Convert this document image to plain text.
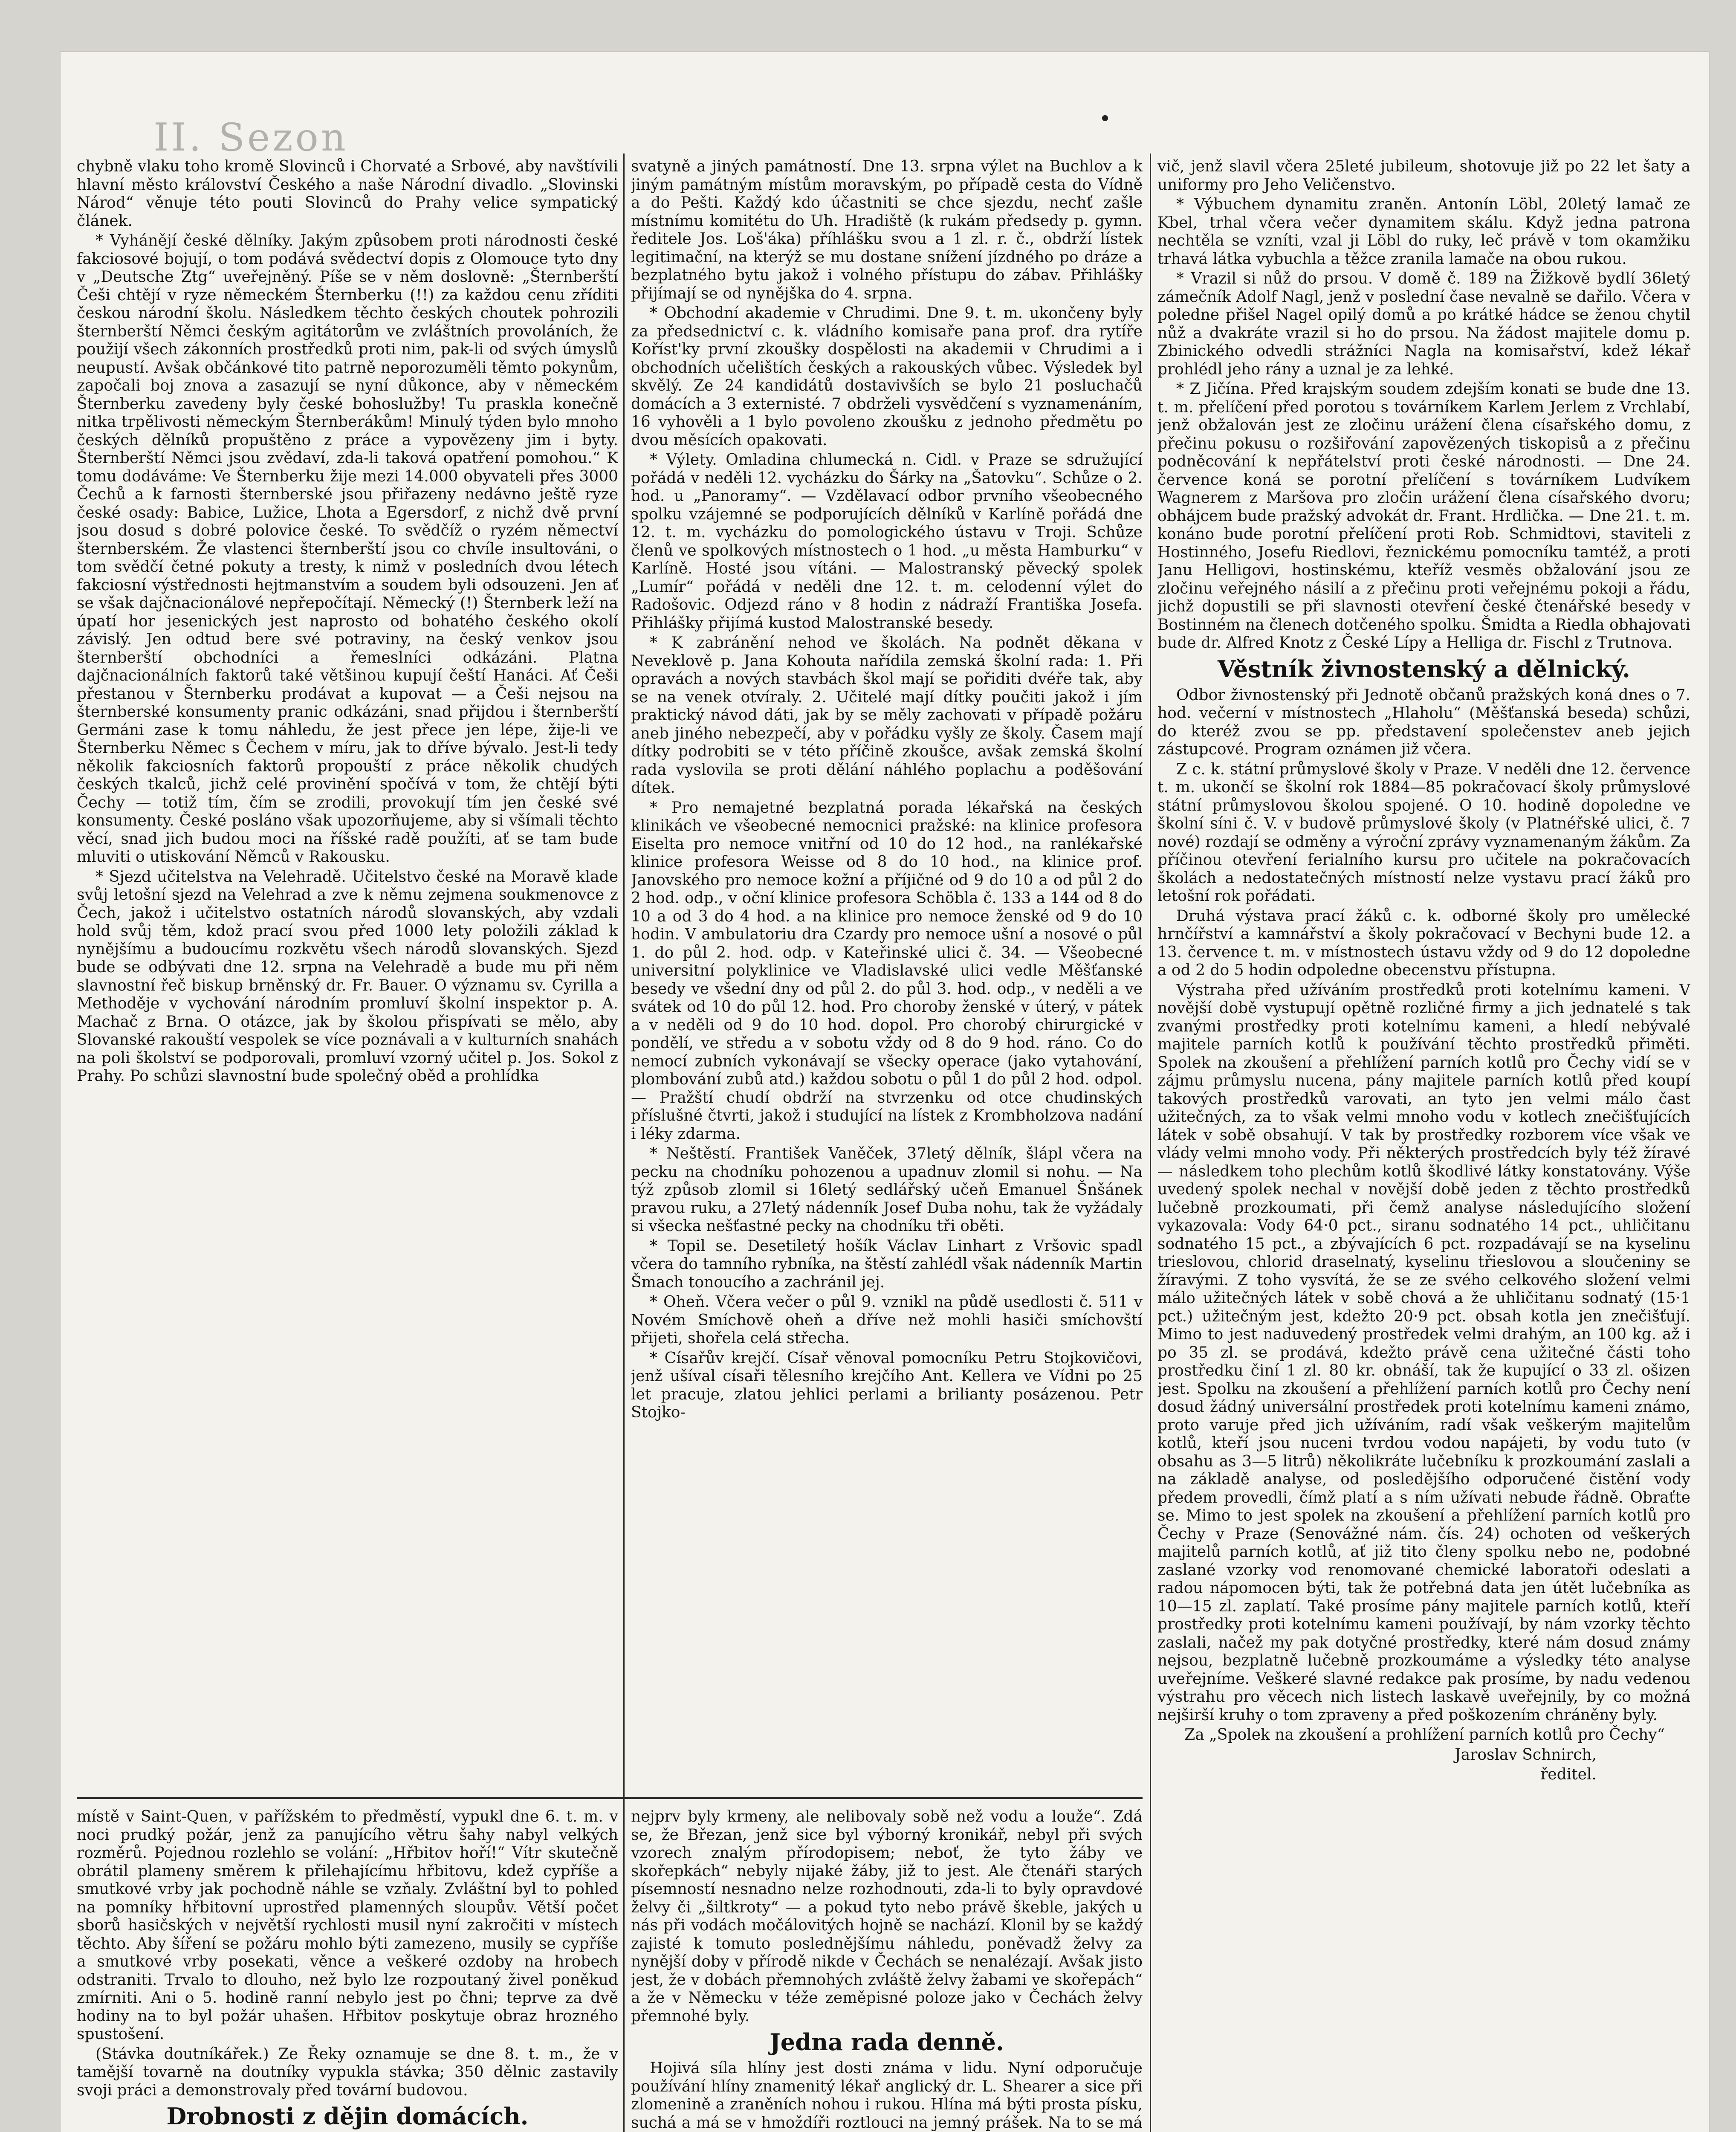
II. Sezon

chybně vlaku toho kromě Slovinců i Chorvaté a Srbové, aby navštívili hlavní město království Českého a naše Národní divadlo. „Slovinski Národ“ věnuje této pouti Slovinců do Prahy velice sympatický článek.

* Vyhánějí české dělníky. Jakým způsobem proti národnosti české fakciosové bojují, o tom podává svědectví dopis z Olomouce tyto dny v „Deutsche Ztg“ uveřejněný. Píše se v něm doslovně: „Šternberští Češi chtějí v ryze německém Šternberku (!!) za každou cenu zříditi českou národní školu. Následkem těchto českých choutek pohrozili šternberští Němci českým agitátorům ve zvláštních provoláních, že použijí všech zákonních prostředků proti nim, pak-li od svých úmyslů neupustí. Avšak občánkové tito patrně neporozuměli těmto pokynům, započali boj znova a zasazují se nyní důkonce, aby v německém Šternberku zavedeny byly české bohoslužby! Tu praskla konečně nitka trpělivosti německým Šternberákům! Minulý týden bylo mnoho českých dělníků propuštěno z práce a vypovězeny jim i byty. Šternberští Němci jsou zvědaví, zda-li taková opatření pomohou.“ K tomu dodáváme: Ve Šternberku žije mezi 14.000 obyvateli přes 3000 Čechů a k farnosti šternberské jsou přiřazeny nedávno ještě ryze české osady: Babice, Lužice, Lhota a Egersdorf, z nichž dvě první jsou dosud s dobré polovice české. To svědčíž o ryzém němectví šternberském. Že vlastenci šternberští jsou co chvíle insultováni, o tom svědčí četné pokuty a tresty, k nimž v posledních dvou létech fakciosní výstřednosti hejtmanstvím a soudem byli odsouzeni. Jen ať se však dajčnacionálové nepřepočítají. Německý (!) Šternberk leží na úpatí hor jesenických jest naprosto od bohatého českého okolí závislý. Jen odtud bere své potraviny, na český venkov jsou šternberští obchodníci a řemeslníci odkázáni. Platna dajčnacionálních faktorů také většinou kupují čeští Hanáci. Ať Češi přestanou v Šternberku prodávat a kupovat — a Češi nejsou na šternberské konsumenty pranic odkázáni, snad přijdou i šternberští Germáni zase k tomu náhledu, že jest přece jen lépe, žije-li ve Šternberku Němec s Čechem v míru, jak to dříve bývalo. Jest-li tedy několik fakciosních faktorů propouští z práce několik chudých českých tkalců, jichž celé provinění spočívá v tom, že chtějí býti Čechy — totiž tím, čím se zrodili, provokují tím jen české své konsumenty. České posláno však upozorňujeme, aby si všímali těchto věcí, snad jich budou moci na říšské radě použíti, ať se tam bude mluviti o utiskování Němců v Rakousku.

* Sjezd učitelstva na Velehradě. Učitelstvo české na Moravě klade svůj letošní sjezd na Velehrad a zve k němu zejmena soukmenovce z Čech, jakož i učitelstvo ostatních národů slovanských, aby vzdali hold svůj těm, kdož prací svou před 1000 lety položili základ k nynějšímu a budoucímu rozkvětu všech národů slovanských. Sjezd bude se odbývati dne 12. srpna na Velehradě a bude mu při něm slavnostní řeč biskup brněnský dr. Fr. Bauer. O významu sv. Cyrilla a Methoděje v vychování národním promluví školní inspektor p. A. Machač z Brna. O otázce, jak by školou přispívati se mělo, aby Slovanské rakouští vespolek se více poznávali a v kulturních snahách na poli školství se podporovali, promluví vzorný učitel p. Jos. Sokol z Prahy. Po schůzi slavnostní bude společný oběd a prohlídka

svatyně a jiných památností. Dne 13. srpna výlet na Buchlov a k jiným památným místům moravským, po případě cesta do Vídně a do Pešti. Každý kdo účastniti se chce sjezdu, nechť zašle místnímu komitétu do Uh. Hradiště (k rukám předsedy p. gymn. ředitele Jos. Loš'áka) příhlášku svou a 1 zl. r. č., obdrží lístek legitimační, na kterýž se mu dostane snížení jízdného po dráze a bezplatného bytu jakož i volného přístupu do zábav. Přihlášky přijímají se od nynějška do 4. srpna.

* Obchodní akademie v Chrudimi. Dne 9. t. m. ukončeny byly za předsednictví c. k. vládního komisaře pana prof. dra rytíře Koříst'ky první zkoušky dospělosti na akademii v Chrudimi a i obchodních učelištích českých a rakouských vůbec. Výsledek byl skvělý. Ze 24 kandidátů dostavivších se bylo 21 posluchačů domácích a 3 externisté. 7 obdrželi vysvědčení s vyznamenáním, 16 vyhověli a 1 bylo povoleno zkoušku z jednoho předmětu po dvou měsících opakovati.

* Výlety. Omladina chlumecká n. Cidl. v Praze se sdružující pořádá v neděli 12. vycházku do Šárky na „Šatovku“. Schůze o 2. hod. u „Panoramy“. — Vzdělavací odbor prvního všeobecného spolku vzájemné se podporujících dělníků v Karlíně pořádá dne 12. t. m. vycházku do pomologického ústavu v Troji. Schůze členů ve spolkových místnostech o 1 hod. „u města Hamburku“ v Karlíně. Hosté jsou vítáni. — Malostranský pěvecký spolek „Lumír“ pořádá v neděli dne 12. t. m. celodenní výlet do Radošovic. Odjezd ráno v 8 hodin z nádraží Františka Josefa. Přihlášky přijímá kustod Malostranské besedy.

* K zabránění nehod ve školách. Na podnět děkana v Neveklově p. Jana Kohouta nařídila zemská školní rada: 1. Při opravách a nových stavbách škol mají se pořiditi dvéře tak, aby se na venek otvíraly. 2. Učitelé mají dítky poučiti jakož i jím praktický návod dáti, jak by se měly zachovati v případě požáru aneb jiného nebezpečí, aby v pořádku vyšly ze školy. Časem mají dítky podrobiti se v této příčině zkoušce, avšak zemská školní rada vyslovila se proti dělání náhlého poplachu a poděšování dítek.

* Pro nemajetné bezplatná porada lékařská na českých klinikách ve všeobecné nemocnici pražské: na klinice profesora Eiselta pro nemoce vnitřní od 10 do 12 hod., na ranlékařské klinice profesora Weisse od 8 do 10 hod., na klinice prof. Janovského pro nemoce kožní a příjičné od 9 do 10 a od půl 2 do 2 hod. odp., v oční klinice profesora Schöbla č. 133 a 144 od 8 do 10 a od 3 do 4 hod. a na klinice pro nemoce ženské od 9 do 10 hodin. V ambulatoriu dra Czardy pro nemoce ušní a nosové o půl 1. do půl 2. hod. odp. v Kateřinské ulici č. 34. — Všeobecné universitní polyklinice ve Vladislavské ulici vedle Měšťanské besedy ve všední dny od půl 2. do půl 3. hod. odp., v neděli a ve svátek od 10 do půl 12. hod. Pro choroby ženské v úterý, v pátek a v neděli od 9 do 10 hod. dopol. Pro chorobý chirurgické v pondělí, ve středu a v sobotu vždy od 8 do 9 hod. ráno. Co do nemocí zubních vykonávají se všecky operace (jako vytahování, plombování zubů atd.) každou sobotu o půl 1 do půl 2 hod. odpol. — Pražští chudí obdrží na stvrzenku od otce chudinských příslušné čtvrti, jakož i studující na lístek z Krombholzova nadání i léky zdarma.

* Neštěstí. František Vaněček, 37letý dělník, šlápl včera na pecku na chodníku pohozenou a upadnuv zlomil si nohu. — Na týž způsob zlomil si 16letý sedlářský učeň Emanuel Šnšánek pravou ruku, a 27letý nádenník Josef Duba nohu, tak že vyžádaly si všecka nešťastné pecky na chodníku tři oběti.

* Topil se. Desetiletý hošík Václav Linhart z Vršovic spadl včera do tamního rybníka, na štěstí zahlédl však nádenník Martin Šmach tonoucího a zachránil jej.

* Oheň. Včera večer o půl 9. vznikl na půdě usedlosti č. 511 v Novém Smíchově oheň a dříve než mohli hasiči smíchovští přijeti, shořela celá střecha.

* Císařův krejčí. Císař věnoval pomocníku Petru Stojkovičovi, jenž ušíval císaři tělesního krejčího Ant. Kellera ve Vídni po 25 let pracuje, zlatou jehlici perlami a brilianty posázenou. Petr Stojko-

vič, jenž slavil včera 25leté jubileum, shotovuje již po 22 let šaty a uniformy pro Jeho Veličenstvo.

* Výbuchem dynamitu zraněn. Antonín Löbl, 20letý lamač ze Kbel, trhal včera večer dynamitem skálu. Když jedna patrona nechtěla se vzníti, vzal ji Löbl do ruky, leč právě v tom okamžiku trhavá látka vybuchla a těžce zranila lamače na obou rukou.

* Vrazil si nůž do prsou. V domě č. 189 na Žižkově bydlí 36letý zámečník Adolf Nagl, jenž v poslední čase nevalně se dařilo. Včera v poledne přišel Nagel opilý domů a po krátké hádce se ženou chytil nůž a dvakráte vrazil si ho do prsou. Na žádost majitele domu p. Zbinického odvedli strážníci Nagla na komisařství, kdež lékař prohlédl jeho rány a uznal je za lehké.

* Z Jičína. Před krajským soudem zdejším konati se bude dne 13. t. m. přelíčení před porotou s továrníkem Karlem Jerlem z Vrchlabí, jenž obžalován jest ze zločinu urážení člena císařského domu, z přečinu pokusu o rozšiřování zapovězených tiskopisů a z přečinu podněcování k nepřátelství proti české národnosti. — Dne 24. července koná se porotní přelíčení s továrníkem Ludvíkem Wagnerem z Maršova pro zločin urážení člena císařského dvoru; obhájcem bude pražský advokát dr. Frant. Hrdlička. — Dne 21. t. m. konáno bude porotní přelíčení proti Rob. Schmidtovi, staviteli z Hostinného, Josefu Riedlovi, řeznickému pomocníku tamtéž, a proti Janu Helligovi, hostinskému, kteříž vesměs obžalování jsou ze zločinu veřejného násilí a z přečinu proti veřejnému pokoji a řádu, jichž dopustili se při slavnosti otevření české čtenářské besedy v Bostinném na členech dotčeného spolku. Šmidta a Riedla obhajovati bude dr. Alfred Knotz z České Lípy a Helliga dr. Fischl z Trutnova.

Věstník živnostenský a dělnický.

Odbor živnostenský při Jednotě občanů pražských koná dnes o 7. hod. večerní v místnostech „Hlaholu“ (Měšťanská beseda) schůzi, do kteréž zvou se pp. představení společenstev aneb jejich zástupcové. Program oznámen již včera.

Z c. k. státní průmyslové školy v Praze. V neděli dne 12. července t. m. ukončí se školní rok 1884—85 pokračovací školy průmyslové státní průmyslovou školou spojené. O 10. hodině dopoledne ve školní síni č. V. v budově průmyslové školy (v Platnéřské ulici, č. 7 nové) rozdají se odměny a výroční zprávy vyznamenaným žákům. Za příčinou otevření ferialního kursu pro učitele na pokračovacích školách a nedostatečných místností nelze vystavu prací žáků pro letošní rok pořádati.

Druhá výstava prací žáků c. k. odborné školy pro umělecké hrnčířství a kamnářství a školy pokračovací v Bechyni bude 12. a 13. července t. m. v místnostech ústavu vždy od 9 do 12 dopoledne a od 2 do 5 hodin odpoledne obecenstvu přístupna.

Výstraha před užíváním prostředků proti kotelnímu kameni. V novější době vystupují opětně rozličné firmy a jich jednatelé s tak zvanými prostředky proti kotelnímu kameni, a hledí nebývalé majitele parních kotlů k používání těchto prostředků přiměti. Spolek na zkoušení a přehlížení parních kotlů pro Čechy vidí se v zájmu průmyslu nucena, pány majitele parních kotlů před koupí takových prostředků varovati, an tyto jen velmi málo čast užitečných, za to však velmi mnoho vodu v kotlech znečišťujících látek v sobě obsahují. V tak by prostředky rozborem více však ve vlády velmi mnoho vody. Při některých prostředcích byly též žíravé — následkem toho plechům kotlů škodlivé látky konstatovány. Výše uvedený spolek nechal v novější době jeden z těchto prostředků lučebně prozkoumati, při čemž analyse následujícího složení vykazovala: Vody 64·0 pct., siranu sodnatého 14 pct., uhličitanu sodnatého 15 pct., a zbývajících 6 pct. rozpadávají se na kyselinu trieslovou, chlorid draselnatý, kyselinu třieslovou a sloučeniny se žíravými. Z toho vysvítá, že se ze svého celkového složení velmi málo užitečných látek v sobě chová a že uhličitanu sodnatý (15·1 pct.) užitečným jest, kdežto 20·9 pct. obsah kotla jen znečišťují. Mimo to jest naduvedený prostředek velmi drahým, an 100 kg. až i po 35 zl. se prodává, kdežto právě cena užitečné části toho prostředku činí 1 zl. 80 kr. obnáší, tak že kupující o 33 zl. ošizen jest. Spolku na zkoušení a přehlížení parních kotlů pro Čechy není dosud žádný universální prostředek proti kotelnímu kameni známo, proto varuje před jich užíváním, radí však veškerým majitelům kotlů, kteří jsou nuceni tvrdou vodou napájeti, by vodu tuto (v obsahu as 3—5 litrů) několikráte lučebníku k prozkoumání zaslali a na základě analyse, od posledějšího odporučené čistění vody předem provedli, čímž platí a s ním užívati nebude řádně. Obraťte se. Mimo to jest spolek na zkoušení a přehlížení parních kotlů pro Čechy v Praze (Senovážné nám. čís. 24) ochoten od veškerých majitelů parních kotlů, ať již tito členy spolku nebo ne, podobné zaslané vzorky vod renomované chemické laboratoři odeslati a radou nápomocen býti, tak že potřebná data jen útět lučebníka as 10—15 zl. zaplatí. Také prosíme pány majitele parních kotlů, kteří prostředky proti kotelnímu kameni používají, by nám vzorky těchto zaslali, načež my pak dotyčné prostředky, které nám dosud známy nejsou, bezplatně lučebně prozkoumáme a výsledky této analyse uveřejníme. Veškeré slavné redakce pak prosíme, by nadu vedenou výstrahu pro věcech nich listech laskavě uveřejnily, by co možná nejširší kruhy o tom zpraveny a před poškozením chráněny byly.

Za „Spolek na zkoušení a prohlížení parních kotlů pro Čechy“

Jaroslav Schnirch,

ředitel.

místě v Saint-Quen, v pařížském to předměstí, vypukl dne 6. t. m. v noci prudký požár, jenž za panujícího větru šahy nabyl velkých rozměrů. Pojednou rozlehlo se volání: „Hřbitov hoří!“ Vítr skutečně obrátil plameny směrem k přilehajícímu hřbitovu, kdež cypříše a smutkové vrby jak pochodně náhle se vzňaly. Zvláštní byl to pohled na pomníky hřbitovní uprostřed plamenných sloupův. Větší počet sborů hasičských v největší rychlosti musil nyní zakročiti v místech těchto. Aby šíření se požáru mohlo býti zamezeno, musily se cypříše a smutkové vrby posekati, věnce a veškeré ozdoby na hrobech odstraniti. Trvalo to dlouho, než bylo lze rozpoutaný živel poněkud zmírniti. Ani o 5. hodině ranní nebylo jest po čhni; teprve za dvě hodiny na to byl požár uhašen. Hřbitov poskytuje obraz hrozného spustošení.

(Stávka doutníkářek.) Ze Řeky oznamuje se dne 8. t. m., že v tamější tovarně na doutníky vypukla stávka; 350 dělnic zastavily svoji práci a demonstrovaly před tovární budovou.

Drobnosti z dějin domácích.

nejprv byly krmeny, ale nelibovaly sobě než vodu a louže“. Zdá se, že Březan, jenž sice byl výborný kronikář, nebyl při svých vzorech znalým přírodopisem; neboť, že tyto žáby ve skořepkách“ nebyly nijaké žáby, již to jest. Ale čtenáři starých písemností nesnadno nelze rozhodnouti, zda-li to byly opravdové želvy či „šiltkroty“ — a pokud tyto nebo právě škeble, jakých u nás při vodách močálovitých hojně se nachází. Klonil by se každý zajisté k tomuto poslednějšímu náhledu, poněvadž želvy za nynější doby v přírodě nikde v Čechách se nenalézají. Avšak jisto jest, že v dobách přemnohých zvláště želvy žabami ve skořepách“ a že v Německu v téže zeměpisné poloze jako v Čechách želvy přemnohé byly.

Jedna rada denně.

Hojivá síla hlíny jest dosti známa v lidu. Nyní odporučuje používání hlíny znamenitý lékař anglický dr. L. Shearer a sice při zlomenině a zraněních nohou i rukou. Hlína má býti prosta písku, suchá a má se v hmoždíři roztlouci na jemný prášek. Na to se má
